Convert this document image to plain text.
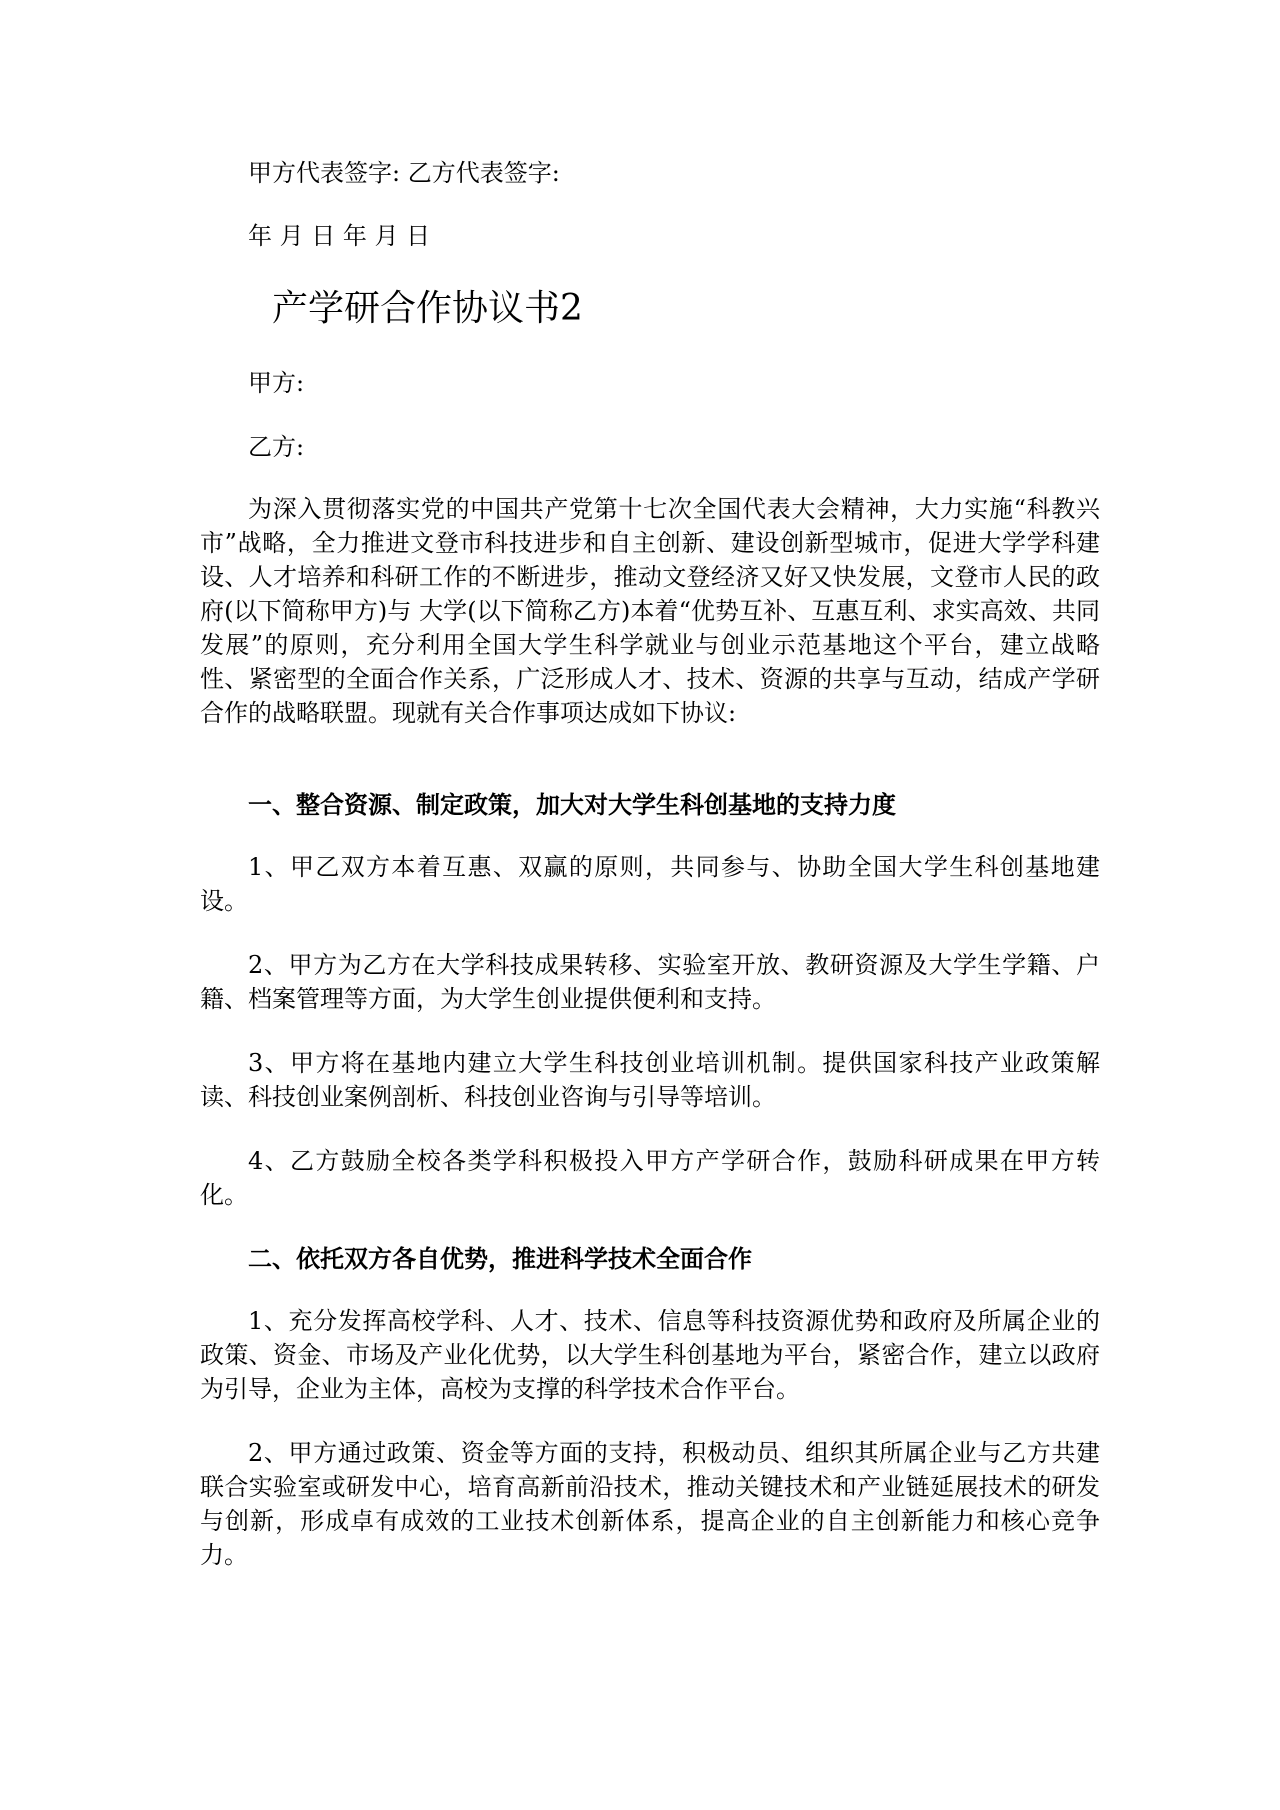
甲方代表签字: 乙方代表签字:
年 月 日 年 月 日
产学研合作协议书2
甲方:
乙方:
为深入贯彻落实党的中国共产党第十七次全国代表大会精神，大力实施“科教兴市”战略，全力推进文登市科技进步和自主创新、建设创新型城市，促进大学学科建设、人才培养和科研工作的不断进步，推动文登经济又好又快发展，文登市人民的政府(以下简称甲方)与 大学(以下简称乙方)本着“优势互补、互惠互利、求实高效、共同发展”的原则，充分利用全国大学生科学就业与创业示范基地这个平台，建立战略性、紧密型的全面合作关系，广泛形成人才、技术、资源的共享与互动，结成产学研合作的战略联盟。现就有关合作事项达成如下协议:
一、整合资源、制定政策，加大对大学生科创基地的支持力度
1、甲乙双方本着互惠、双赢的原则，共同参与、协助全国大学生科创基地建设。
2、甲方为乙方在大学科技成果转移、实验室开放、教研资源及大学生学籍、户籍、档案管理等方面，为大学生创业提供便利和支持。
3、甲方将在基地内建立大学生科技创业培训机制。提供国家科技产业政策解读、科技创业案例剖析、科技创业咨询与引导等培训。
4、乙方鼓励全校各类学科积极投入甲方产学研合作，鼓励科研成果在甲方转化。
二、依托双方各自优势，推进科学技术全面合作
1、充分发挥高校学科、人才、技术、信息等科技资源优势和政府及所属企业的政策、资金、市场及产业化优势，以大学生科创基地为平台，紧密合作，建立以政府为引导，企业为主体，高校为支撑的科学技术合作平台。
2、甲方通过政策、资金等方面的支持，积极动员、组织其所属企业与乙方共建联合实验室或研发中心，培育高新前沿技术，推动关键技术和产业链延展技术的研发与创新，形成卓有成效的工业技术创新体系，提高企业的自主创新能力和核心竞争力。
